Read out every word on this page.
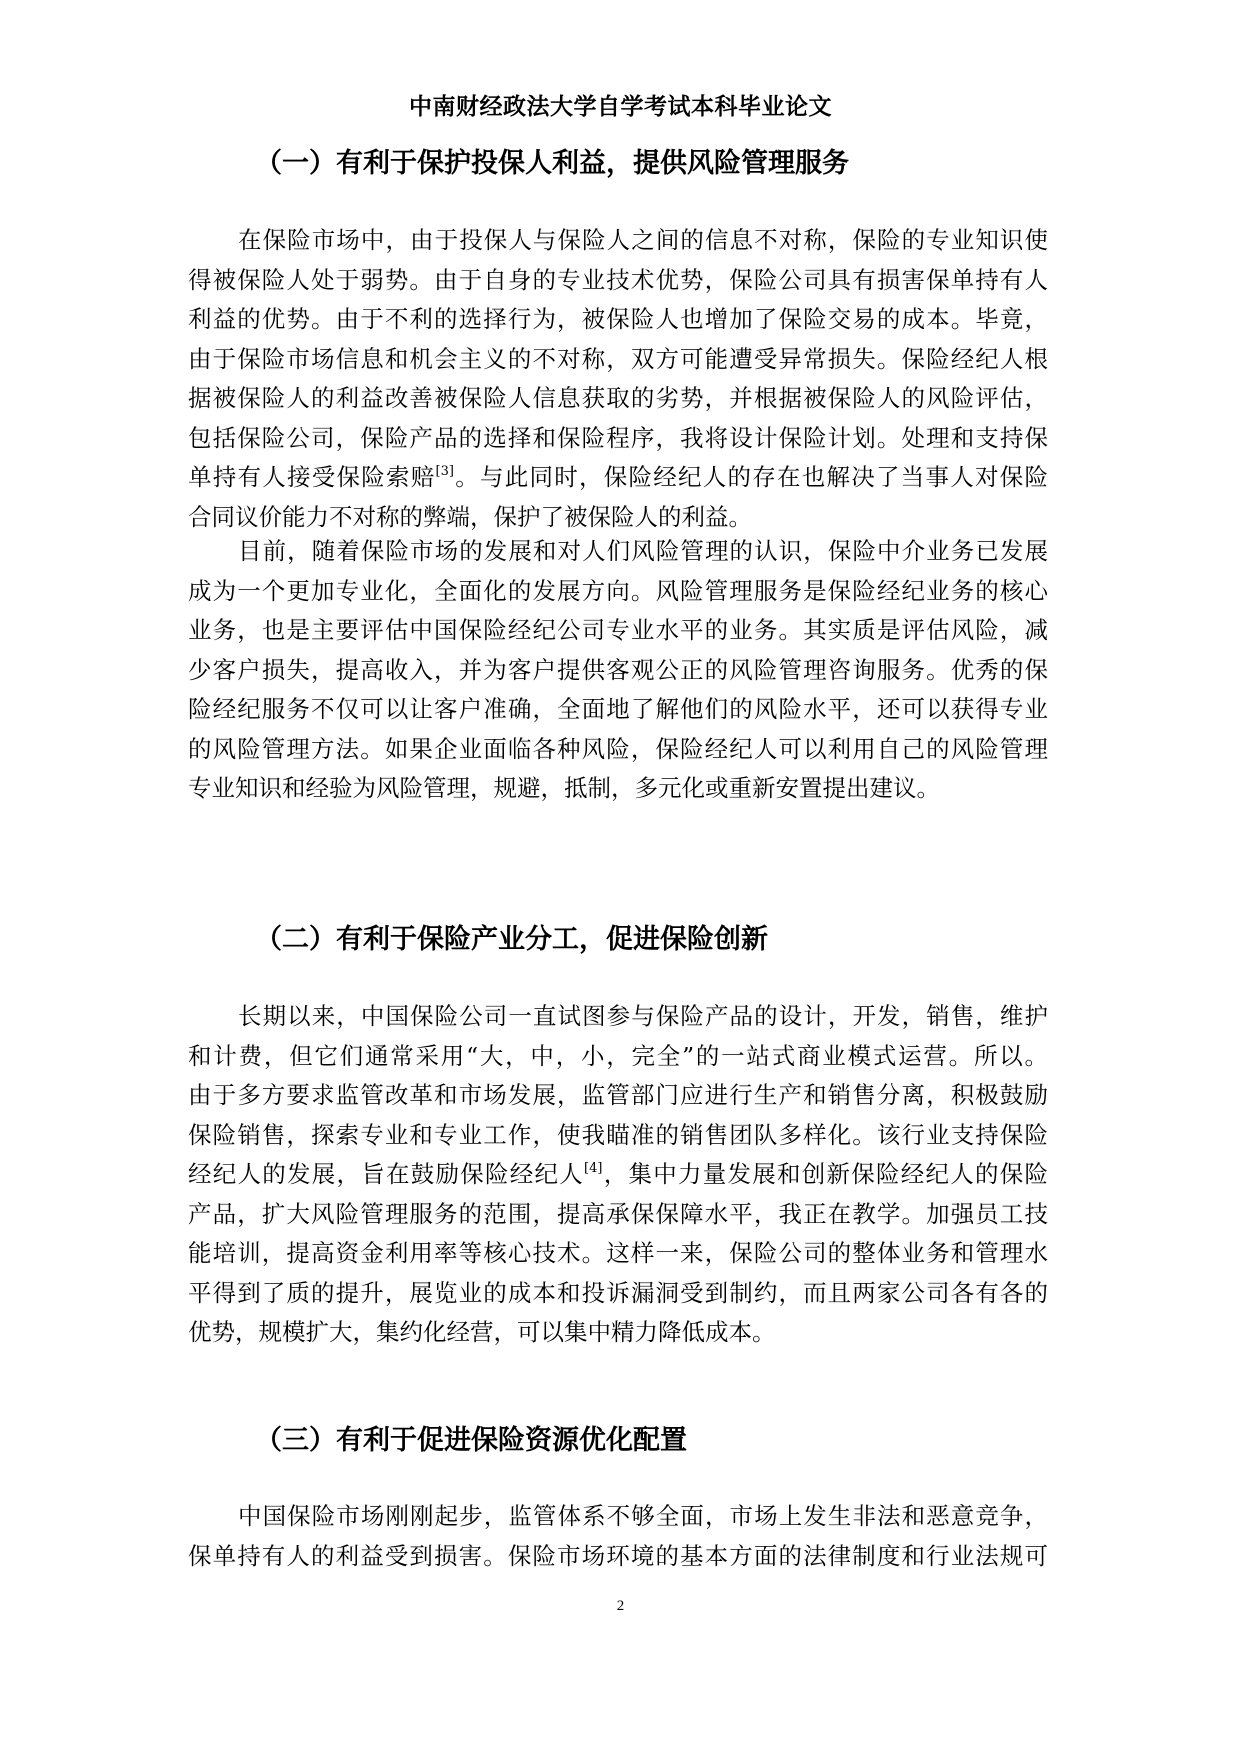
中南财经政法大学自学考试本科毕业论文
（一）有利于保护投保人利益，提供风险管理服务
在保险市场中，由于投保人与保险人之间的信息不对称，保险的专业知识使
得被保险人处于弱势。由于自身的专业技术优势，保险公司具有损害保单持有人
利益的优势。由于不利的选择行为，被保险人也增加了保险交易的成本。毕竟，
由于保险市场信息和机会主义的不对称，双方可能遭受异常损失。保险经纪人根
据被保险人的利益改善被保险人信息获取的劣势，并根据被保险人的风险评估，
包括保险公司，保险产品的选择和保险程序，我将设计保险计划。处理和支持保
单持有人接受保险索赔[3]。与此同时，保险经纪人的存在也解决了当事人对保险
合同议价能力不对称的弊端，保护了被保险人的利益。
目前，随着保险市场的发展和对人们风险管理的认识，保险中介业务已发展
成为一个更加专业化，全面化的发展方向。风险管理服务是保险经纪业务的核心
业务，也是主要评估中国保险经纪公司专业水平的业务。其实质是评估风险，减
少客户损失，提高收入，并为客户提供客观公正的风险管理咨询服务。优秀的保
险经纪服务不仅可以让客户准确，全面地了解他们的风险水平，还可以获得专业
的风险管理方法。如果企业面临各种风险，保险经纪人可以利用自己的风险管理
专业知识和经验为风险管理，规避，抵制，多元化或重新安置提出建议。
（二）有利于保险产业分工，促进保险创新
长期以来，中国保险公司一直试图参与保险产品的设计，开发，销售，维护
和计费，但它们通常采用“大，中，小，完全”的一站式商业模式运营。所以。
由于多方要求监管改革和市场发展，监管部门应进行生产和销售分离，积极鼓励
保险销售，探索专业和专业工作，使我瞄准的销售团队多样化。该行业支持保险
经纪人的发展，旨在鼓励保险经纪人[4]，集中力量发展和创新保险经纪人的保险
产品，扩大风险管理服务的范围，提高承保保障水平，我正在教学。加强员工技
能培训，提高资金利用率等核心技术。这样一来，保险公司的整体业务和管理水
平得到了质的提升，展览业的成本和投诉漏洞受到制约，而且两家公司各有各的
优势，规模扩大，集约化经营，可以集中精力降低成本。
（三）有利于促进保险资源优化配置
中国保险市场刚刚起步，监管体系不够全面，市场上发生非法和恶意竞争，
保单持有人的利益受到损害。保险市场环境的基本方面的法律制度和行业法规可
2
